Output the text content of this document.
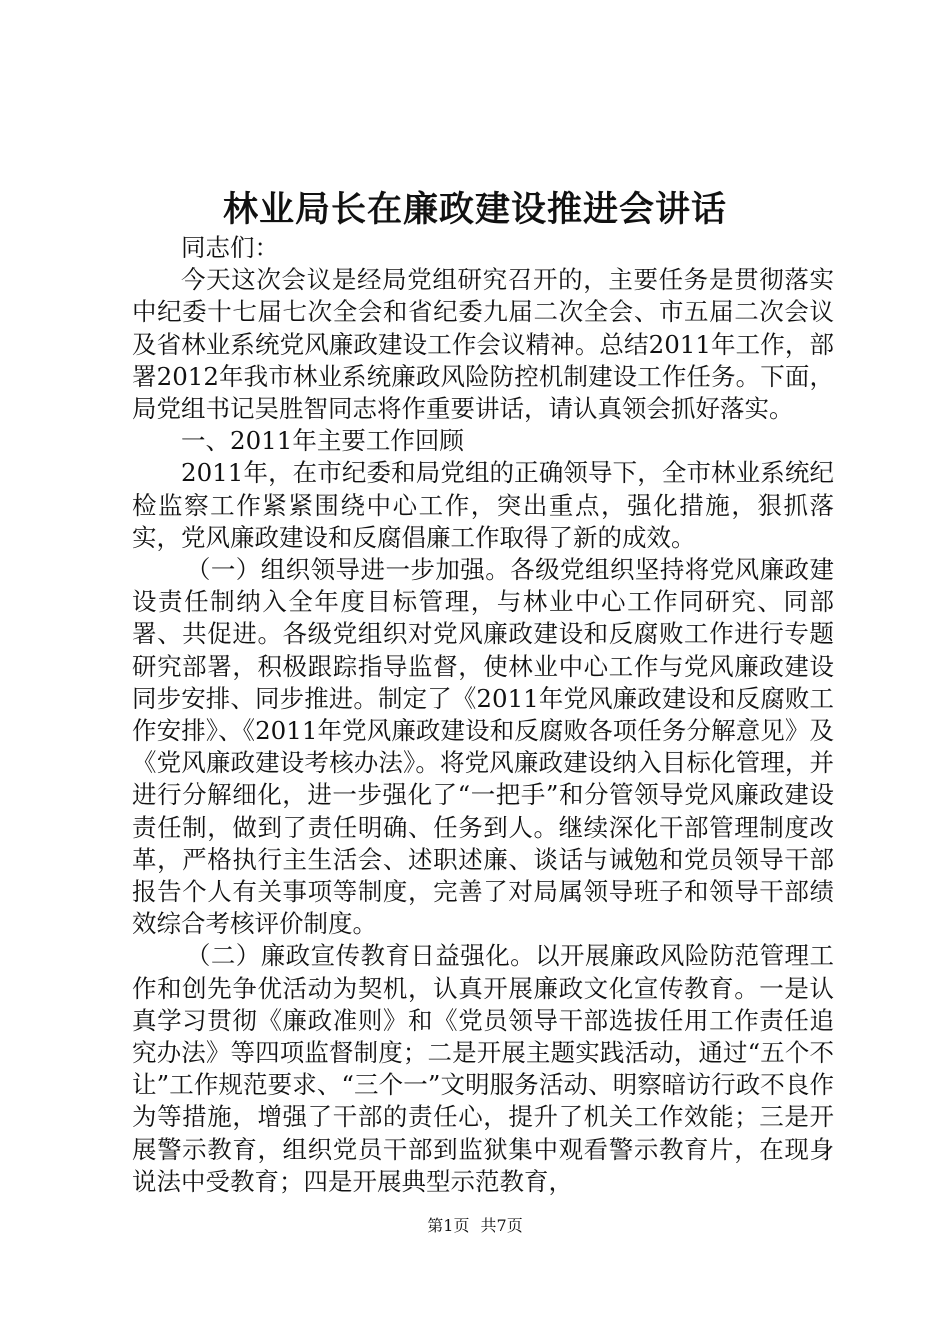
林业局长在廉政建设推进会讲话

同志们：

今天这次会议是经局党组研究召开的，主要任务是贯彻落实中纪委十七届七次全会和省纪委九届二次全会、市五届二次会议及省林业系统党风廉政建设工作会议精神。总结2011年工作，部署2012年我市林业系统廉政风险防控机制建设工作任务。下面，局党组书记吴胜智同志将作重要讲话，请认真领会抓好落实。

一、2011年主要工作回顾

2011年，在市纪委和局党组的正确领导下，全市林业系统纪检监察工作紧紧围绕中心工作，突出重点，强化措施，狠抓落实，党风廉政建设和反腐倡廉工作取得了新的成效。

（一）组织领导进一步加强。各级党组织坚持将党风廉政建设责任制纳入全年度目标管理，与林业中心工作同研究、同部署、共促进。各级党组织对党风廉政建设和反腐败工作进行专题研究部署，积极跟踪指导监督，使林业中心工作与党风廉政建设同步安排、同步推进。制定了《2011年党风廉政建设和反腐败工作安排》、《2011年党风廉政建设和反腐败各项任务分解意见》及《党风廉政建设考核办法》。将党风廉政建设纳入目标化管理，并进行分解细化，进一步强化了“一把手”和分管领导党风廉政建设责任制，做到了责任明确、任务到人。继续深化干部管理制度改革，严格执行主生活会、述职述廉、谈话与诫勉和党员领导干部报告个人有关事项等制度，完善了对局属领导班子和领导干部绩效综合考核评价制度。

（二）廉政宣传教育日益强化。以开展廉政风险防范管理工作和创先争优活动为契机，认真开展廉政文化宣传教育。一是认真学习贯彻《廉政准则》和《党员领导干部选拔任用工作责任追究办法》等四项监督制度；二是开展主题实践活动，通过“五个不让”工作规范要求、“三个一”文明服务活动、明察暗访行政不良作为等措施，增强了干部的责任心，提升了机关工作效能；三是开展警示教育，组织党员干部到监狱集中观看警示教育片，在现身说法中受教育；四是开展典型示范教育，

第1页 共7页
